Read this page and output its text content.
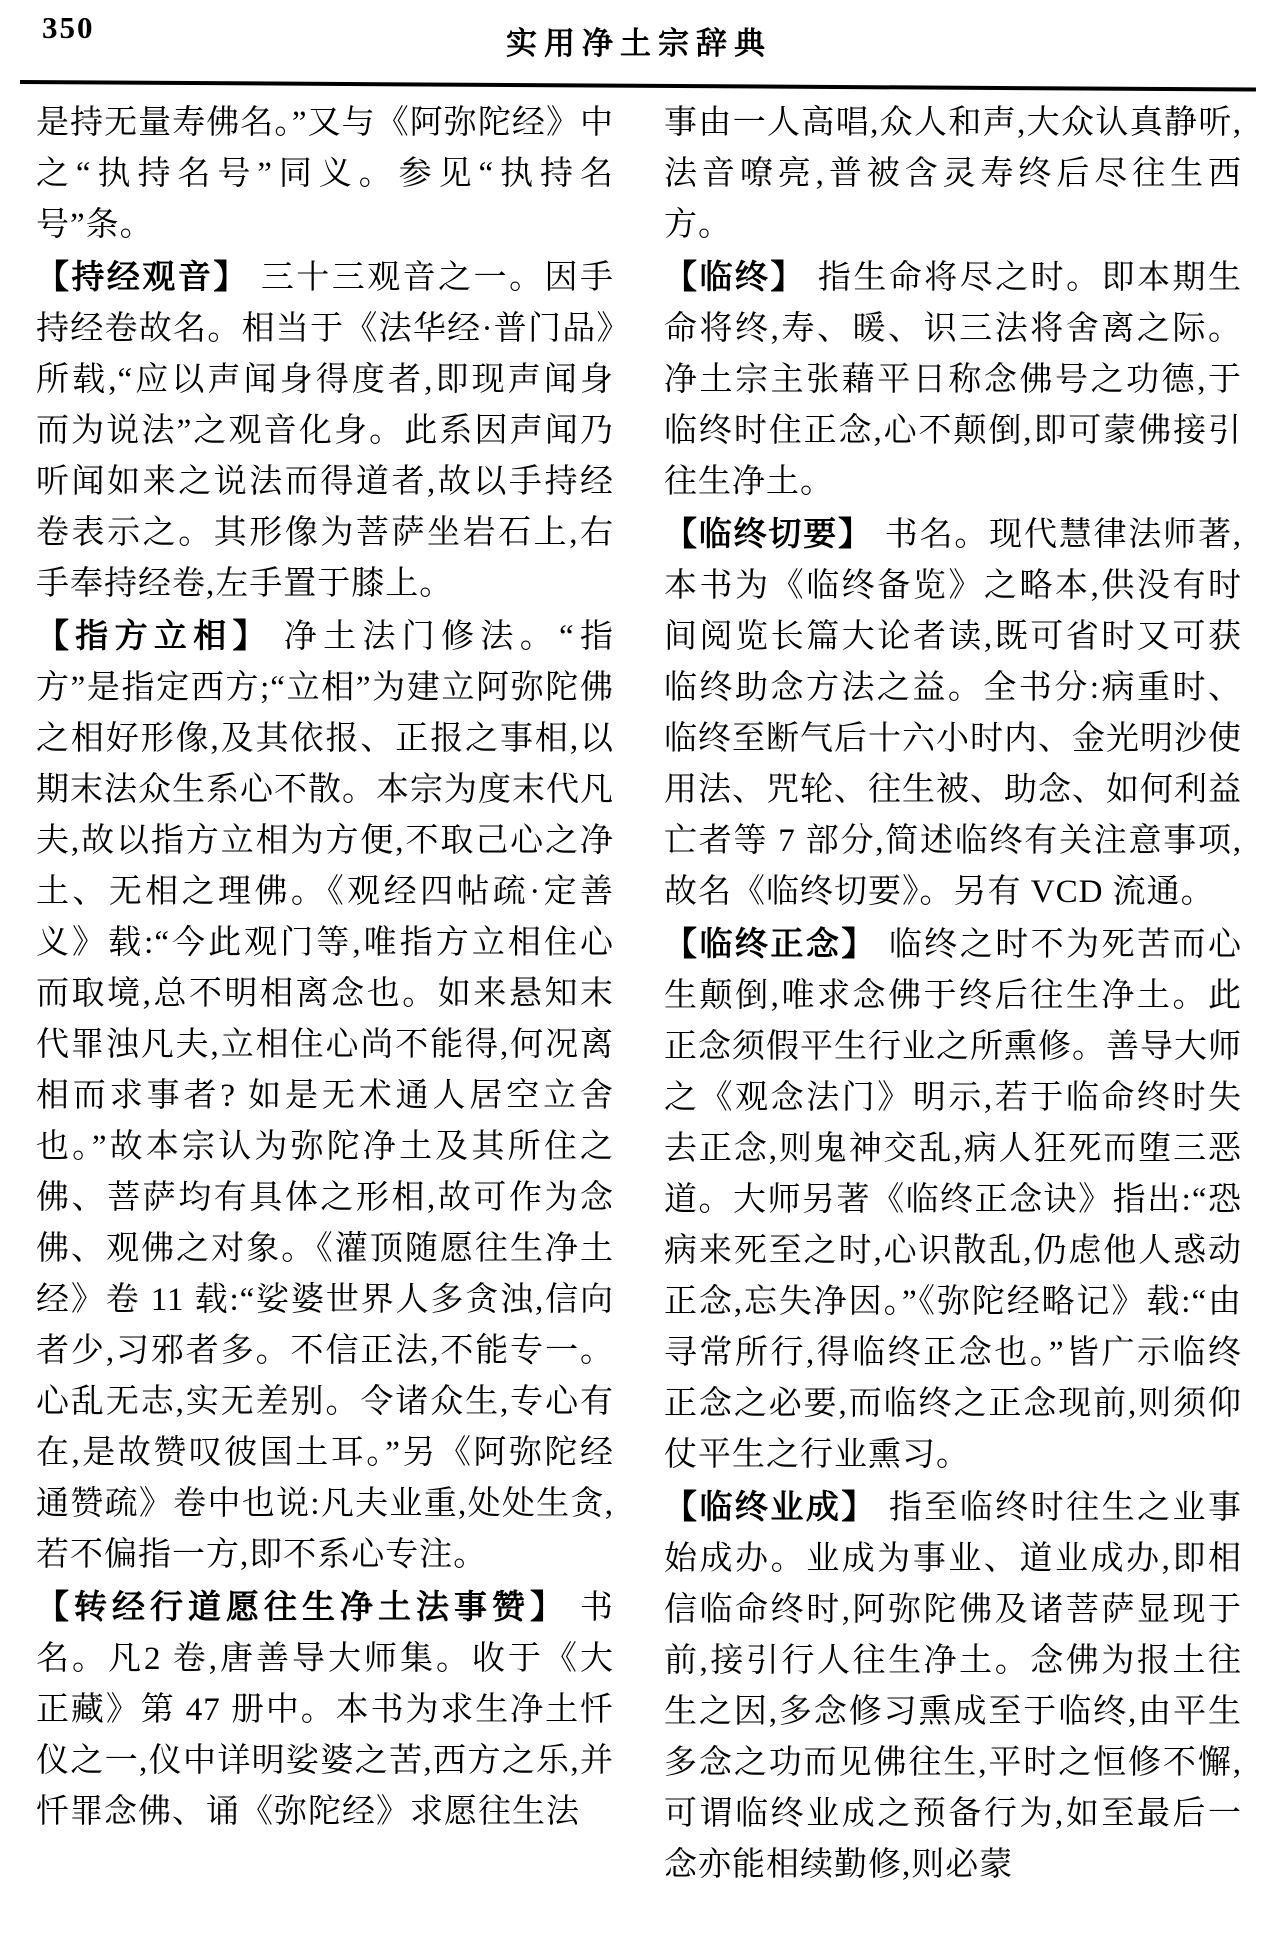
350	实用净土宗辞典
是持无量寿佛名。”又与《阿弥陀经》中之“执持名号”同义。参见“执持名号”条。
【持经观音】 三十三观音之一。因手持经卷故名。相当于《法华经·普门品》所载,“应以声闻身得度者,即现声闻身而为说法”之观音化身。此系因声闻乃听闻如来之说法而得道者,故以手持经卷表示之。其形像为菩萨坐岩石上,右手奉持经卷,左手置于膝上。
【指方立相】 净土法门修法。“指方”是指定西方;“立相”为建立阿弥陀佛之相好形像,及其依报、正报之事相,以期末法众生系心不散。本宗为度末代凡夫,故以指方立相为方便,不取己心之净土、无相之理佛。《观经四帖疏·定善义》载:“今此观门等,唯指方立相住心而取境,总不明相离念也。如来悬知末代罪浊凡夫,立相住心尚不能得,何况离相而求事者? 如是无术通人居空立舍也。”故本宗认为弥陀净土及其所住之佛、菩萨均有具体之形相,故可作为念佛、观佛之对象。《灌顶随愿往生净土经》卷 11 载:“娑婆世界人多贪浊,信向者少,习邪者多。不信正法,不能专一。心乱无志,实无差别。令诸众生,专心有在,是故赞叹彼国土耳。”另《阿弥陀经通赞疏》卷中也说:凡夫业重,处处生贪,若不偏指一方,即不系心专注。
【转经行道愿往生净土法事赞】 书名。凡2 卷,唐善导大师集。收于《大正藏》第 47 册中。本书为求生净土忏仪之一,仪中详明娑婆之苦,西方之乐,并忏罪念佛、诵《弥陀经》求愿往生法
事由一人高唱,众人和声,大众认真静听,法音嘹亮,普被含灵寿终后尽往生西方。
【临终】 指生命将尽之时。即本期生命将终,寿、暖、识三法将舍离之际。净土宗主张藉平日称念佛号之功德,于临终时住正念,心不颠倒,即可蒙佛接引往生净土。
【临终切要】 书名。现代慧律法师著,本书为《临终备览》之略本,供没有时间阅览长篇大论者读,既可省时又可获临终助念方法之益。全书分:病重时、临终至断气后十六小时内、金光明沙使用法、咒轮、往生被、助念、如何利益亡者等 7 部分,简述临终有关注意事项,故名《临终切要》。另有 VCD 流通。
【临终正念】 临终之时不为死苦而心生颠倒,唯求念佛于终后往生净土。此正念须假平生行业之所熏修。善导大师之《观念法门》明示,若于临命终时失去正念,则鬼神交乱,病人狂死而堕三恶道。大师另著《临终正念诀》指出:“恐病来死至之时,心识散乱,仍虑他人惑动正念,忘失净因。”《弥陀经略记》载:“由寻常所行,得临终正念也。”皆广示临终正念之必要,而临终之正念现前,则须仰仗平生之行业熏习。
【临终业成】 指至临终时往生之业事始成办。业成为事业、道业成办,即相信临命终时,阿弥陀佛及诸菩萨显现于前,接引行人往生净土。念佛为报土往生之因,多念修习熏成至于临终,由平生多念之功而见佛往生,平时之恒修不懈,可谓临终业成之预备行为,如至最后一念亦能相续勤修,则必蒙
